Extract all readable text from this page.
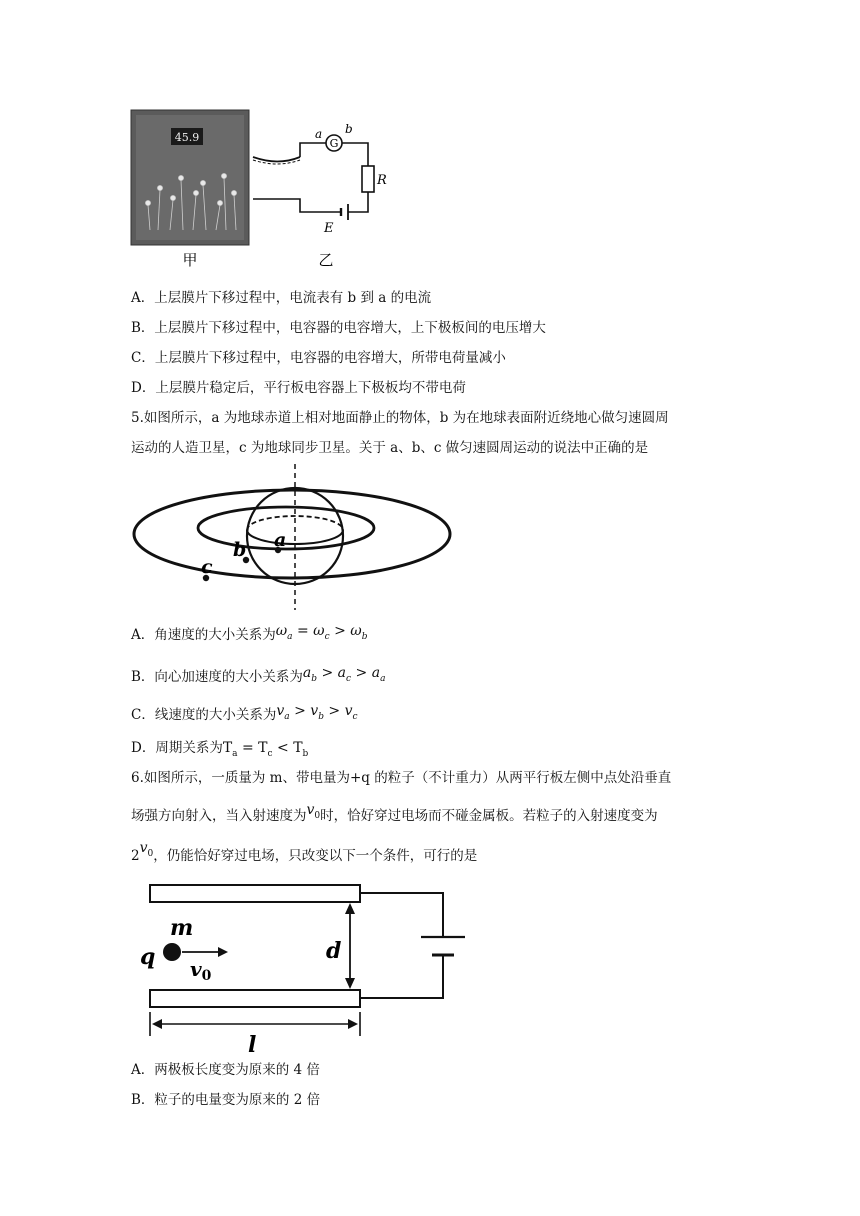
45.9
甲
G
a b
R
E
乙
A．上层膜片下移过程中，电流表有 b 到 a 的电流
B．上层膜片下移过程中，电容器的电容增大，上下极板间的电压增大
C．上层膜片下移过程中，电容器的电容增大，所带电荷量减小
D．上层膜片稳定后，平行板电容器上下极板均不带电荷
5.如图所示，a 为地球赤道上相对地面静止的物体，b 为在地球表面附近绕地心做匀速圆周
运动的人造卫星，c 为地球同步卫星。关于 a、b、c 做匀速圆周运动的说法中正确的是
a
b
c
A．角速度的大小关系为$\omega_a = \omega_c > \omega_b$
B．向心加速度的大小关系为$a_b > a_c > a_a$
C．线速度的大小关系为$v_a > v_b > v_c$
D．周期关系为$T_a = T_c < T_b$
6.如图所示，一质量为 m、带电量为+q 的粒子（不计重力）从两平行板左侧中点处沿垂直
场强方向射入，当入射速度为$v_0$时，恰好穿过电场而不碰金属板。若粒子的入射速度变为
$2v_0$，仍能恰好穿过电场，只改变以下一个条件，可行的是
m
q $v_0$
d
l
A．两极板长度变为原来的 4 倍
B．粒子的电量变为原来的 2 倍
